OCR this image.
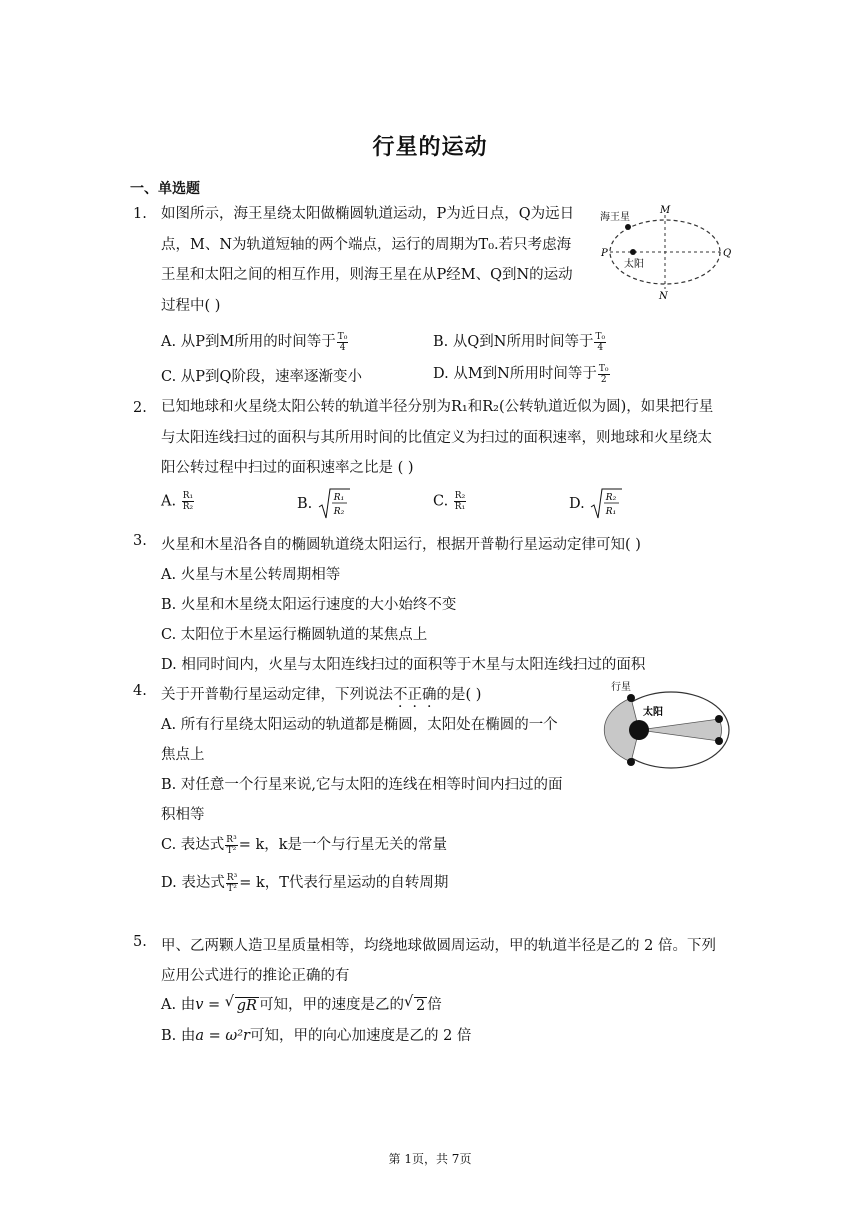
行星的运动
一、单选题
1. 如图所示，海王星绕太阳做椭圆轨道运动，P为近日点，Q为远日
点，M、N为轨道短轴的两个端点，运行的周期为T₀.若只考虑海
王星和太阳之间的相互作用，则海王星在从P经M、Q到N的运动
过程中( )
海王星
太阳
P	Q
M
N
A. 从P到M所用的时间等于 $\frac{\text{T₀}}{4}$	B. 从Q到N所用时间等于 $\frac{\text{T₀}}{4}$
C. 从P到Q阶段，速率逐渐变小	D. 从M到N所用时间等于 $\frac{\text{T₀}}{2}$
2. 已知地球和火星绕太阳公转的轨道半径分别为R₁和R₂(公转轨道近似为圆)，如果把行星
与太阳连线扫过的面积与其所用时间的比值定义为扫过的面积速率，则地球和火星绕太
阳公转过程中扫过的面积速率之比是 ( )
A. $\frac{\text{R₁}}{\text{R₂}}$	B. R₁
R₂
C. $\frac{\text{R₂}}{\text{R₁}}$	D. R₂
R₁
3. 火星和木星沿各自的椭圆轨道绕太阳运行，根据开普勒行星运动定律可知( )
A. 火星与木星公转周期相等
B. 火星和木星绕太阳运行速度的大小始终不变
C. 太阳位于木星运行椭圆轨道的某焦点上
D. 相同时间内，火星与太阳连线扫过的面积等于木星与太阳连线扫过的面积
4. 关于开普勒行星运动定律，下列说法不正确的是( )
A. 所有行星绕太阳运动的轨道都是椭圆，太阳处在椭圆的一个
焦点上
B. 对任意一个行星来说,它与太阳的连线在相等时间内扫过的面
积相等
C. 表达式 $\frac{\text{R³}}{\text{T²}} = k$，k是一个与行星无关的常量
D. 表达式 $\frac{\text{R³}}{\text{T²}} = k$，T代表行星运动的自转周期
行星
太阳
5. 甲、乙两颗人造卫星质量相等，均绕地球做圆周运动，甲的轨道半径是乙的 2 倍。下列
应用公式进行的推论正确的有
A. 由v = √ gR 可知，甲的速度是乙的 √ 2 倍
B. 由a = ω²r可知，甲的向心加速度是乙的 2 倍
第 1页，共 7页
